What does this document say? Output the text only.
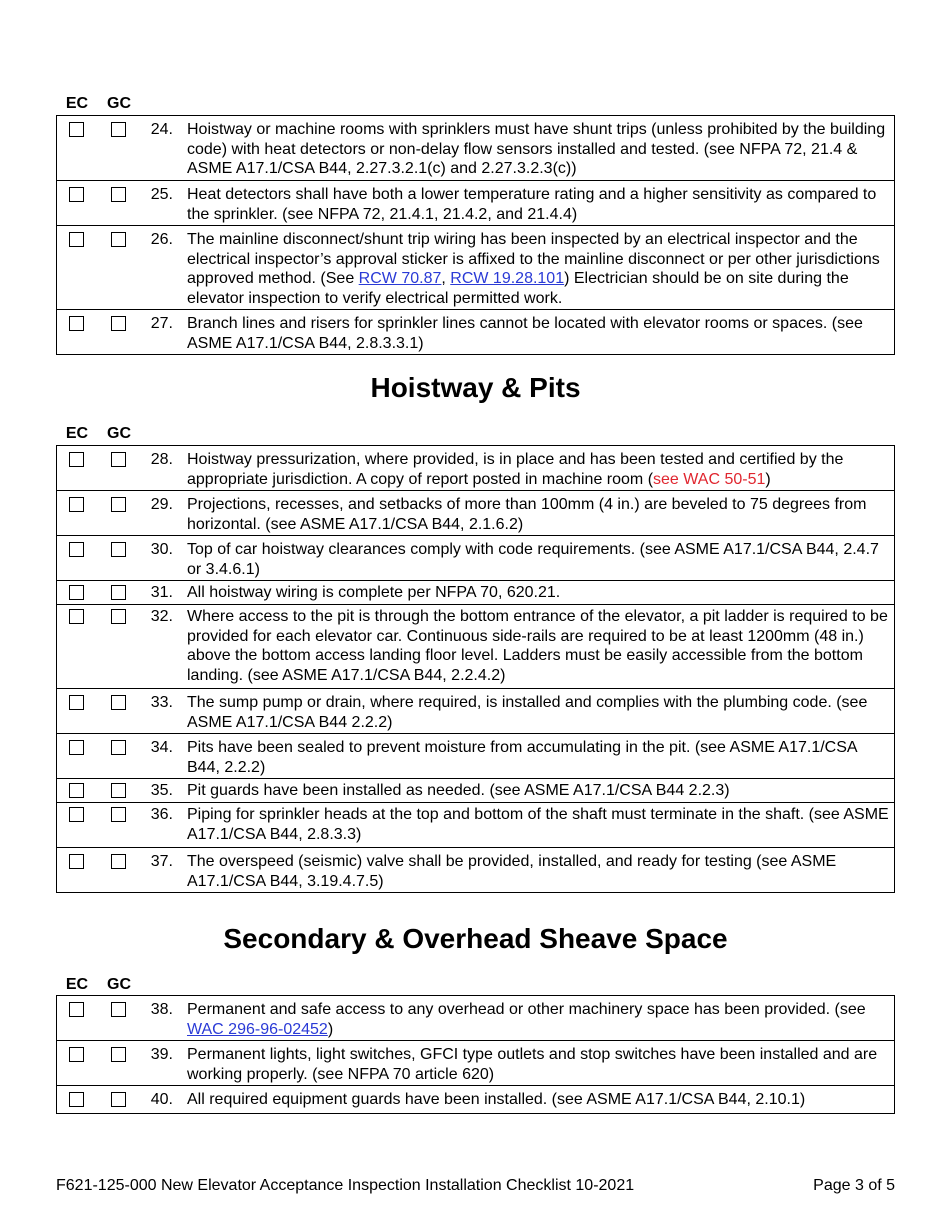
EC	GC

	24.	Hoistway or machine rooms with sprinklers must have shunt trips (unless prohibited by the building code) with heat detectors or non-delay flow sensors installed and tested. (see NFPA 72, 21.4 & ASME A17.1/CSA B44, 2.27.3.2.1(c) and 2.27.3.2.3(c))

	25.	Heat detectors shall have both a lower temperature rating and a higher sensitivity as compared to the sprinkler. (see NFPA 72, 21.4.1, 21.4.2, and 21.4.4)

	26.	The mainline disconnect/shunt trip wiring has been inspected by an electrical inspector and the electrical inspector’s approval sticker is affixed to the mainline disconnect or per other jurisdictions approved method. (See RCW 70.87, RCW 19.28.101) Electrician should be on site during the elevator inspection to verify electrical permitted work.

	27.	Branch lines and risers for sprinkler lines cannot be located with elevator rooms or spaces. (see ASME A17.1/CSA B44, 2.8.3.3.1)
Hoistway & Pits
EC	GC

	28.	Hoistway pressurization, where provided, is in place and has been tested and certified by the appropriate jurisdiction. A copy of report posted in machine room (see WAC 50-51)

	29.	Projections, recesses, and setbacks of more than 100mm (4 in.) are beveled to 75 degrees from horizontal. (see ASME A17.1/CSA B44, 2.1.6.2)

	30.	Top of car hoistway clearances comply with code requirements. (see ASME A17.1/CSA B44, 2.4.7 or 3.4.6.1)

	31.	All hoistway wiring is complete per NFPA 70, 620.21.

	32.	Where access to the pit is through the bottom entrance of the elevator, a pit ladder is required to be provided for each elevator car. Continuous side-rails are required to be at least 1200mm (48 in.) above the bottom access landing floor level. Ladders must be easily accessible from the bottom landing. (see ASME A17.1/CSA B44, 2.2.4.2)

	33.	The sump pump or drain, where required, is installed and complies with the plumbing code. (see ASME A17.1/CSA B44 2.2.2)

	34.	Pits have been sealed to prevent moisture from accumulating in the pit. (see ASME A17.1/CSA B44, 2.2.2)

	35.	Pit guards have been installed as needed. (see ASME A17.1/CSA B44 2.2.3)

	36.	Piping for sprinkler heads at the top and bottom of the shaft must terminate in the shaft. (see ASME A17.1/CSA B44, 2.8.3.3)

	37.	The overspeed (seismic) valve shall be provided, installed, and ready for testing (see ASME A17.1/CSA B44, 3.19.4.7.5)
Secondary & Overhead Sheave Space
EC	GC

	38.	Permanent and safe access to any overhead or other machinery space has been provided. (see WAC 296-96-02452)

	39.	Permanent lights, light switches, GFCI type outlets and stop switches have been installed and are working properly. (see NFPA 70 article 620)

	40.	All required equipment guards have been installed. (see ASME A17.1/CSA B44, 2.10.1)
F621-125-000 New Elevator Acceptance Inspection Installation Checklist 10-2021	Page 3 of 5
